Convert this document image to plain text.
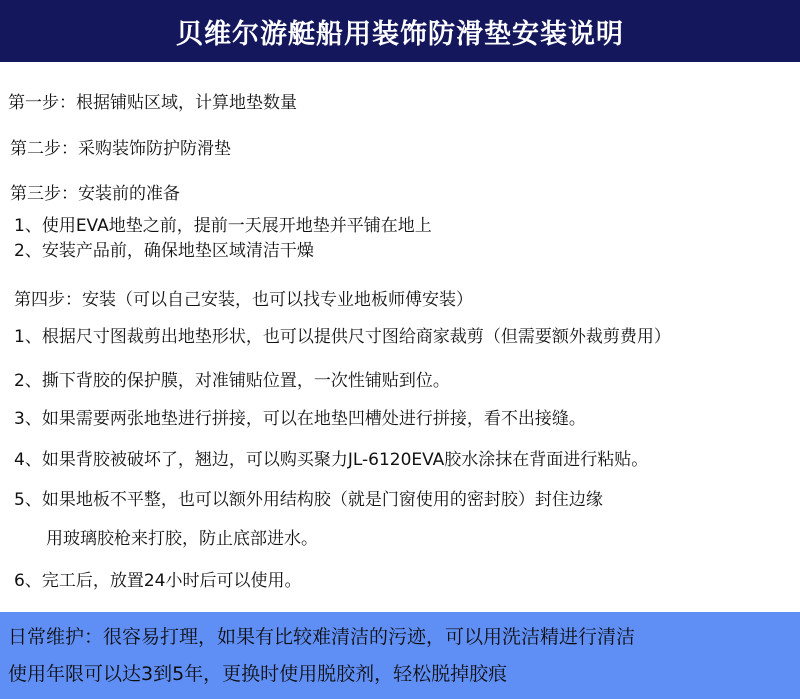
贝维尔游艇船用装饰防滑垫安装说明
第一步：根据铺贴区域，计算地垫数量
第二步：采购装饰防护防滑垫
第三步：安装前的准备
1、使用EVA地垫之前，提前一天展开地垫并平铺在地上
2、安装产品前，确保地垫区域清洁干燥
第四步：安装（可以自己安装，也可以找专业地板师傅安装）
1、根据尺寸图裁剪出地垫形状，也可以提供尺寸图给商家裁剪（但需要额外裁剪费用）
2、撕下背胶的保护膜，对准铺贴位置，一次性铺贴到位。
3、如果需要两张地垫进行拼接，可以在地垫凹槽处进行拼接，看不出接缝。
4、如果背胶被破坏了，翘边，可以购买聚力JL-6120EVA胶水涂抹在背面进行粘贴。
5、如果地板不平整，也可以额外用结构胶（就是门窗使用的密封胶）封住边缘
用玻璃胶枪来打胶，防止底部进水。
6、完工后，放置24小时后可以使用。
日常维护：很容易打理，如果有比较难清洁的污迹，可以用洗洁精进行清洁
使用年限可以达3到5年，更换时使用脱胶剂，轻松脱掉胶痕
